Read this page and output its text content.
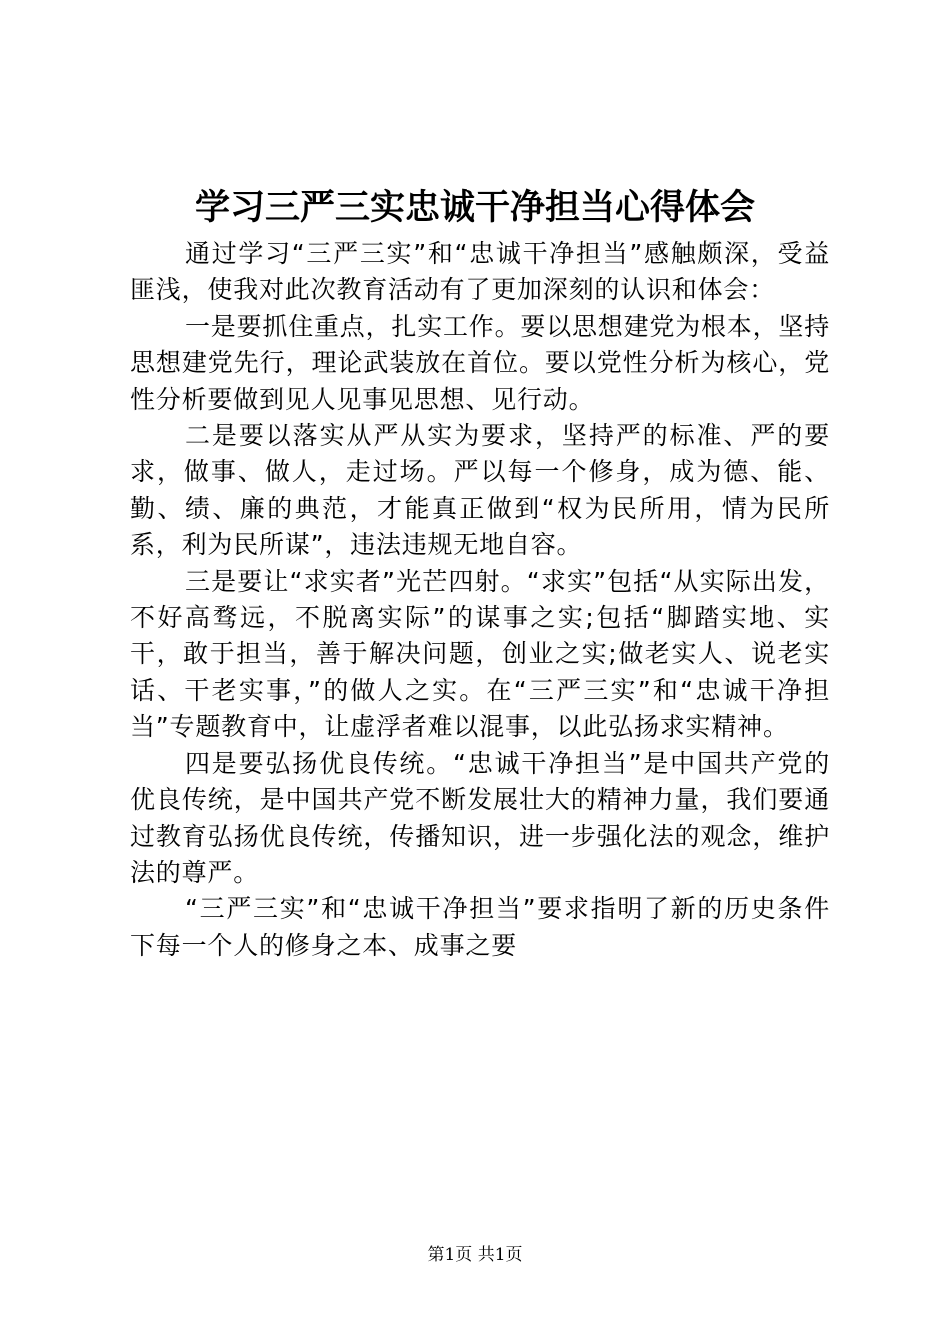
学习三严三实忠诚干净担当心得体会

通过学习“三严三实”和“忠诚干净担当”感触颇深，受益匪浅，使我对此次教育活动有了更加深刻的认识和体会：

一是要抓住重点，扎实工作。要以思想建党为根本，坚持思想建党先行，理论武装放在首位。要以党性分析为核心，党性分析要做到见人见事见思想、见行动。

二是要以落实从严从实为要求，坚持严的标准、严的要求，做事、做人，走过场。严以每一个修身，成为德、能、勤、绩、廉的典范，才能真正做到“权为民所用，情为民所系，利为民所谋”，违法违规无地自容。

三是要让“求实者”光芒四射。“求实”包括“从实际出发，不好高骛远，不脱离实际”的谋事之实;包括“脚踏实地、实干，敢于担当，善于解决问题，创业之实;做老实人、说老实话、干老实事，”的做人之实。在“三严三实”和“忠诚干净担当”专题教育中，让虚浮者难以混事，以此弘扬求实精神。

四是要弘扬优良传统。“忠诚干净担当”是中国共产党的优良传统，是中国共产党不断发展壮大的精神力量，我们要通过教育弘扬优良传统，传播知识，进一步强化法的观念，维护法的尊严。

“三严三实”和“忠诚干净担当”要求指明了新的历史条件下每一个人的修身之本、成事之要

第1页 共1页
